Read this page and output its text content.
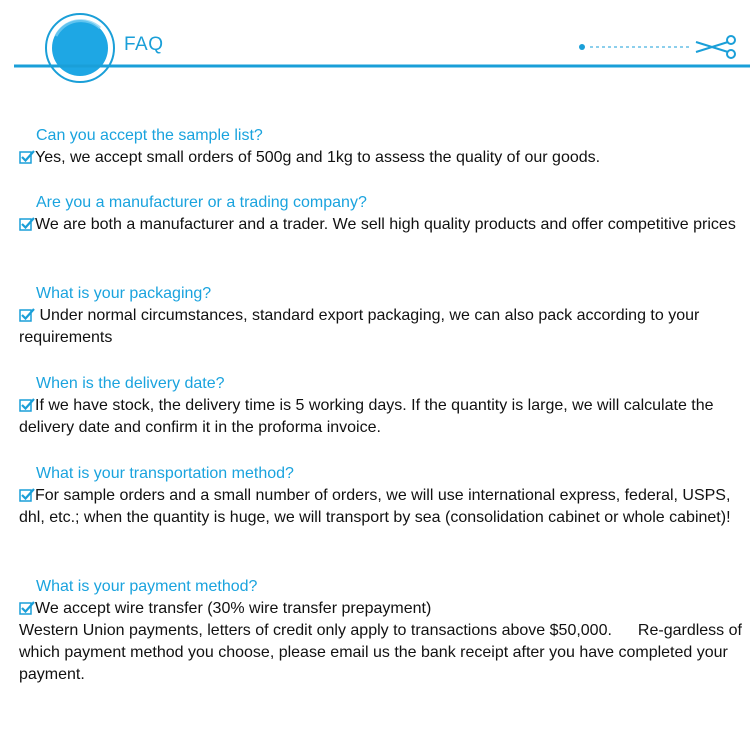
FAQ

Can you accept the sample list?

Yes, we accept small orders of 500g and 1kg to assess the quality of our goods.

Are you a manufacturer or a trading company?

We are both a manufacturer and a trader. We sell high quality products and offer competitive prices

What is your packaging?

Under normal circumstances, standard export packaging, we can also pack according to your requirements

When is the delivery date?

If we have stock, the delivery time is 5 working days. If the quantity is large, we will calculate the delivery date and confirm it in the proforma invoice.

What is your transportation method?

For sample orders and a small number of orders, we will use international express, federal, USPS, dhl, etc.; when the quantity is huge, we will transport by sea (consolidation cabinet or whole cabinet)!

What is your payment method?

We accept wire transfer (30% wire transfer prepayment)
Western Union payments, letters of credit only apply to transactions above $50,000. Re-gardless of which payment method you choose, please email us the bank receipt after you have completed your payment.
